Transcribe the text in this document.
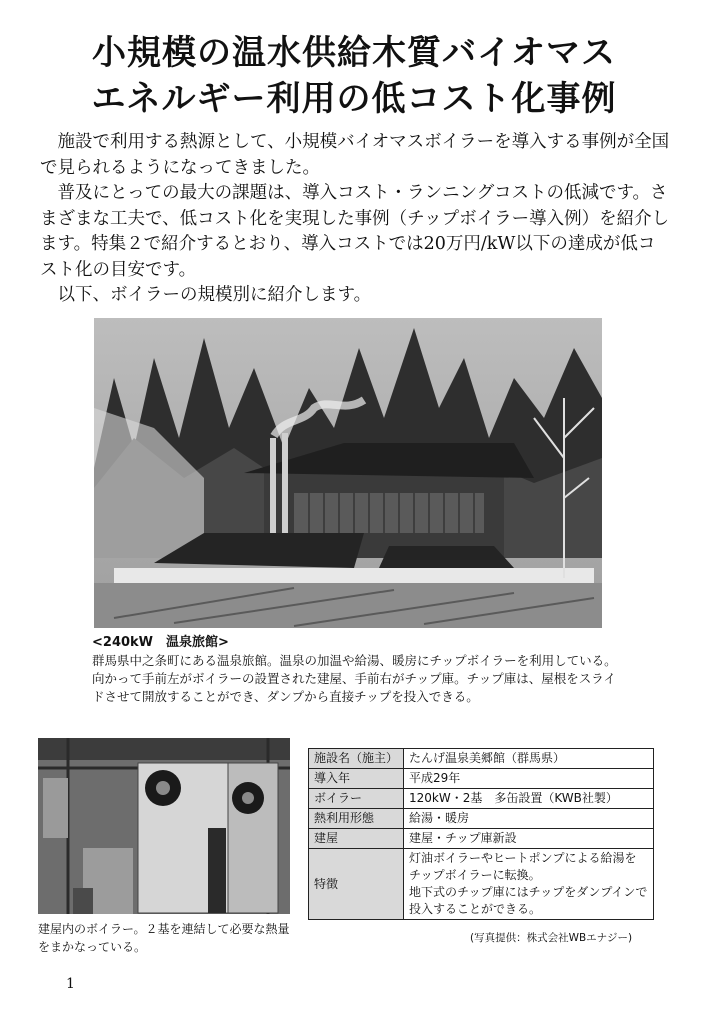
小規模の温水供給木質バイオマス
エネルギー利用の低コスト化事例

施設で利用する熱源として、小規模バイオマスボイラーを導入する事例が全国で見られるようになってきました。

普及にとっての最大の課題は、導入コスト・ランニングコストの低減です。さまざまな工夫で、低コスト化を実現した事例（チップボイラー導入例）を紹介します。特集２で紹介するとおり、導入コストでは20万円/kW以下の達成が低コスト化の目安です。

以下、ボイラーの規模別に紹介します。

<240kW　温泉旅館>
群馬県中之条町にある温泉旅館。温泉の加温や給湯、暖房にチップボイラーを利用している。向かって手前左がボイラーの設置された建屋、手前右がチップ庫。チップ庫は、屋根をスライドさせて開放することができ、ダンプから直接チップを投入できる。
建屋内のボイラー。２基を連結して必要な熱量をまかなっている。
施設名（施主）	たんげ温泉美郷館（群馬県）
導入年	平成29年
ボイラー	120kW・2基　多缶設置（KWB社製）
熱利用形態	給湯・暖房
建屋	建屋・チップ庫新設
特徴	灯油ボイラーやヒートポンプによる給湯をチップボイラーに転換。
地下式のチップ庫にはチップをダンプインで投入することができる。
(写真提供：株式会社WBエナジー)
1
